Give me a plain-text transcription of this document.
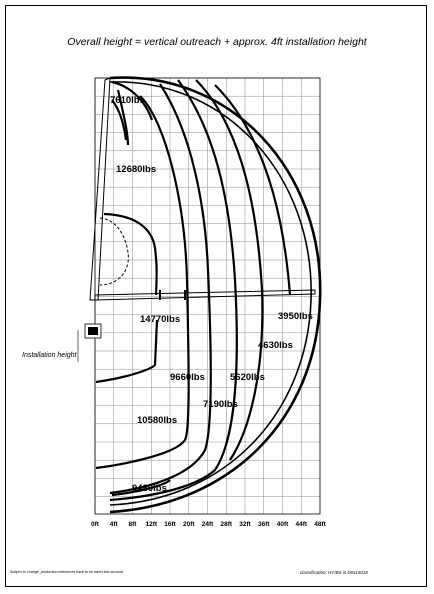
Overall height = vertical outreach + approx. 4ft installation height
7610lbs
12680lbs
14770lbs
10580lbs
9480lbs
9660lbs
7190lbs
5620lbs
4630lbs
3950lbs
0ft 4ft 8ft 12ft 16ft 20ft 24ft 28ft 32ft 36ft 40ft 44ft 48ft
Installation height
Subject to change, production tolerances have to be taken into account	classification; HY/BS in DIN15018
